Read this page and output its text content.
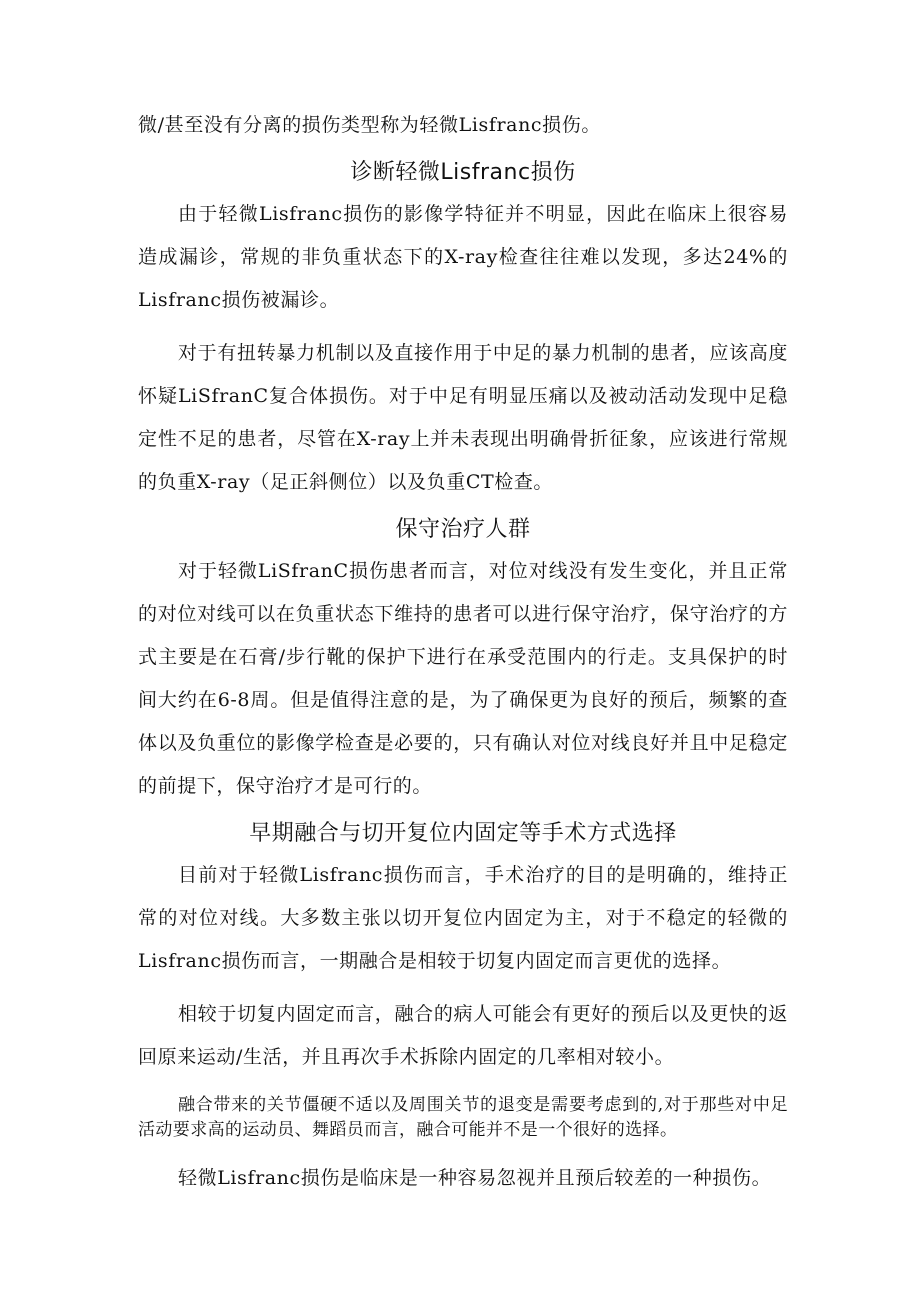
微/甚至没有分离的损伤类型称为轻微Lisfranc损伤。

诊断轻微Lisfranc损伤

由于轻微Lisfranc损伤的影像学特征并不明显，因此在临床上很容易造成漏诊，常规的非负重状态下的X-ray检查往往难以发现，多达24%的Lisfranc损伤被漏诊。

对于有扭转暴力机制以及直接作用于中足的暴力机制的患者，应该高度怀疑LiSfranC复合体损伤。对于中足有明显压痛以及被动活动发现中足稳定性不足的患者，尽管在X-ray上并未表现出明确骨折征象，应该进行常规的负重X-ray（足正斜侧位）以及负重CT检查。

保守治疗人群

对于轻微LiSfranC损伤患者而言，对位对线没有发生变化，并且正常的对位对线可以在负重状态下维持的患者可以进行保守治疗，保守治疗的方式主要是在石膏/步行靴的保护下进行在承受范围内的行走。支具保护的时间大约在6-8周。但是值得注意的是，为了确保更为良好的预后，频繁的查体以及负重位的影像学检查是必要的，只有确认对位对线良好并且中足稳定的前提下，保守治疗才是可行的。

早期融合与切开复位内固定等手术方式选择

目前对于轻微Lisfranc损伤而言，手术治疗的目的是明确的，维持正常的对位对线。大多数主张以切开复位内固定为主，对于不稳定的轻微的Lisfranc损伤而言，一期融合是相较于切复内固定而言更优的选择。

相较于切复内固定而言，融合的病人可能会有更好的预后以及更快的返回原来运动/生活，并且再次手术拆除内固定的几率相对较小。

融合带来的关节僵硬不适以及周围关节的退变是需要考虑到的,对于那些对中足活动要求高的运动员、舞蹈员而言，融合可能并不是一个很好的选择。

轻微Lisfranc损伤是临床是一种容易忽视并且预后较差的一种损伤。
